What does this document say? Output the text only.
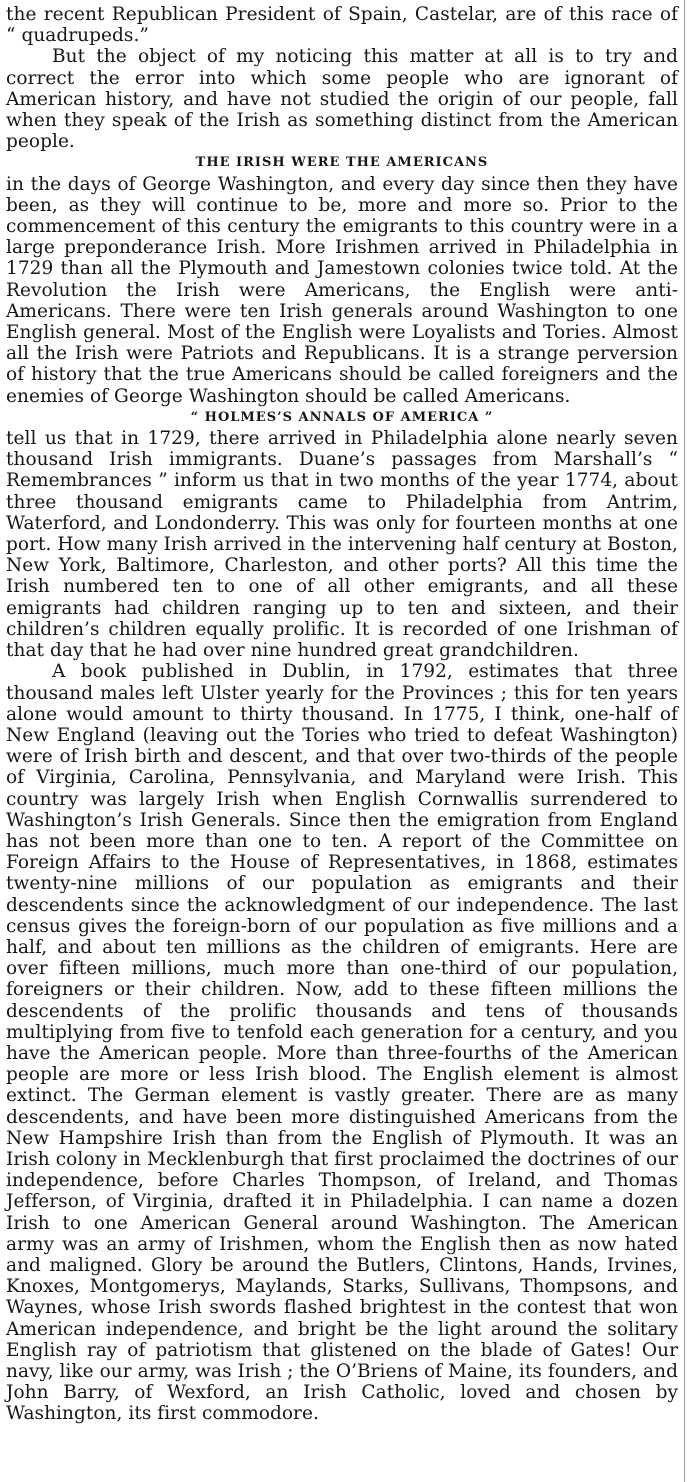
the recent Republican President of Spain, Castelar, are of this race of “ quadrupeds.”

But the object of my noticing this matter at all is to try and correct the error into which some people who are ignorant of American history, and have not studied the origin of our people, fall when they speak of the Irish as something distinct from the American people.

THE IRISH WERE THE AMERICANS

in the days of George Washington, and every day since then they have been, as they will continue to be, more and more so. Prior to the commencement of this century the emigrants to this country were in a large preponderance Irish. More Irishmen arrived in Philadelphia in 1729 than all the Plymouth and Jamestown colonies twice told. At the Revolution the Irish were Americans, the English were anti-Americans. There were ten Irish generals around Washington to one English general. Most of the English were Loyalists and Tories. Almost all the Irish were Patriots and Republicans. It is a strange perversion of history that the true Americans should be called foreigners and the enemies of George Washington should be called Americans.

“ HOLMES’S ANNALS OF AMERICA ”

tell us that in 1729, there arrived in Philadelphia alone nearly seven thousand Irish immigrants. Duane’s passages from Marshall’s “ Remembrances ” inform us that in two months of the year 1774, about three thousand emigrants came to Philadelphia from Antrim, Waterford, and Londonderry. This was only for fourteen months at one port. How many Irish arrived in the intervening half century at Boston, New York, Baltimore, Charleston, and other ports? All this time the Irish numbered ten to one of all other emigrants, and all these emigrants had children ranging up to ten and sixteen, and their children’s children equally prolific. It is recorded of one Irishman of that day that he had over nine hundred great grandchildren.

A book published in Dublin, in 1792, estimates that three thousand males left Ulster yearly for the Provinces ; this for ten years alone would amount to thirty thousand. In 1775, I think, one-half of New England (leaving out the Tories who tried to defeat Washington) were of Irish birth and descent, and that over two-thirds of the people of Virginia, Carolina, Pennsylvania, and Maryland were Irish. This country was largely Irish when English Cornwallis surrendered to Washington’s Irish Generals. Since then the emigration from England has not been more than one to ten. A report of the Committee on Foreign Affairs to the House of Representatives, in 1868, estimates twenty-nine millions of our population as emigrants and their descendents since the acknowledgment of our independence. The last census gives the foreign-born of our population as five millions and a half, and about ten millions as the children of emigrants. Here are over fifteen millions, much more than one-third of our population, foreigners or their children. Now, add to these fifteen millions the descendents of the prolific thousands and tens of thousands multiplying from five to tenfold each generation for a century, and you have the American people. More than three-fourths of the American people are more or less Irish blood. The English element is almost extinct. The German element is vastly greater. There are as many descendents, and have been more distinguished Americans from the New Hampshire Irish than from the English of Plymouth. It was an Irish colony in Mecklenburgh that first proclaimed the doctrines of our independence, before Charles Thompson, of Ireland, and Thomas Jefferson, of Virginia, drafted it in Philadelphia. I can name a dozen Irish to one American General around Washington. The American army was an army of Irishmen, whom the English then as now hated and maligned. Glory be around the Butlers, Clintons, Hands, Irvines, Knoxes, Montgomerys, Maylands, Starks, Sullivans, Thompsons, and Waynes, whose Irish swords flashed brightest in the contest that won American independence, and bright be the light around the solitary English ray of patriotism that glistened on the blade of Gates! Our navy, like our army, was Irish ; the O’Briens of Maine, its founders, and John Barry, of Wexford, an Irish Catholic, loved and chosen by Washington, its first commodore.
